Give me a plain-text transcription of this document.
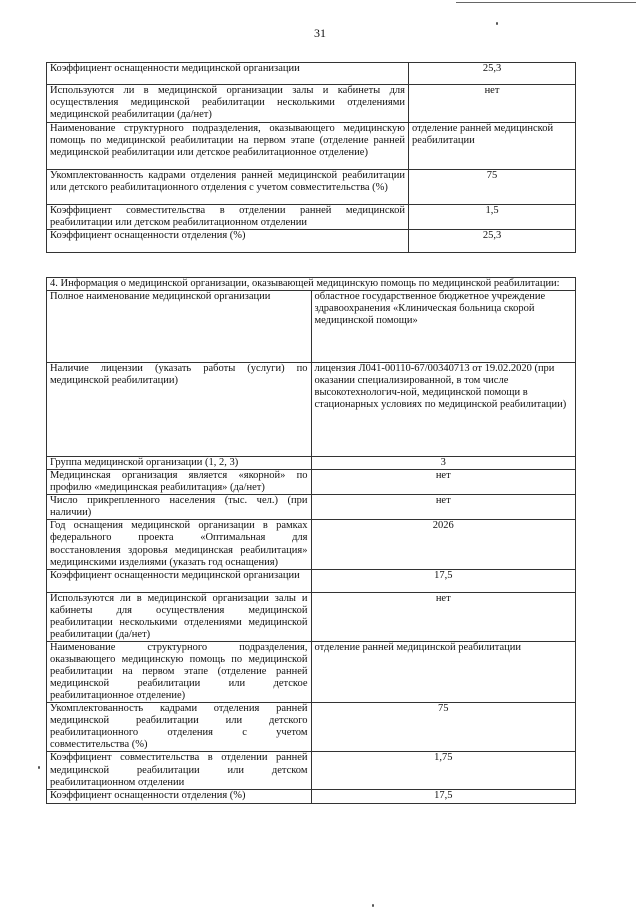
31
Коэффициент оснащенности медицинской организации	25,3
Используются ли в медицинской организации залы и кабинеты для осуществления медицинской реабилитации несколькими отделениями медицинской реабилитации (да/нет)	нет
Наименование структурного подразделения, оказывающего медицинскую помощь по медицинской реабилитации на первом этапе (отделение ранней медицинской реабилитации или детское реабилитационное отделение)	отделение ранней медицинской реабилитации
Укомплектованность кадрами отделения ранней медицинской реабилитации или детского реабилитационного отделения с учетом совместительства (%)	75
Коэффициент совместительства в отделении ранней медицинской реабилитации или детском реабилитационном отделении	1,5
Коэффициент оснащенности отделения (%)	25,3
4. Информация о медицинской организации, оказывающей медицинскую помощь по медицинской реабилитации:	
Полное наименование медицинской организации	областное государственное бюджетное учреждение здравоохранения «Клиническая больница скорой медицинской помощи»
Наличие лицензии (указать работы (услуги) по медицинской реабилитации)	лицензия Л041-00110-67/00340713 от 19.02.2020 (при оказании специализированной, в том числе высокотехнологич-ной, медицинской помощи в стационарных условиях по медицинской реабилитации)
Группа медицинской организации (1, 2, 3)	3
Медицинская организация является «якорной» по профилю «медицинская реабилитация» (да/нет)	нет
Число прикрепленного населения (тыс. чел.) (при наличии)	нет
Год оснащения медицинской организации в рамках федерального проекта «Оптимальная для восстановления здоровья медицинская реабилитация» медицинскими изделиями (указать год оснащения)	2026
Коэффициент оснащенности медицинской организации	17,5
Используются ли в медицинской организации залы и кабинеты для осуществления медицинской реабилитации несколькими отделениями медицинской реабилитации (да/нет)	нет
Наименование структурного подразделения, оказывающего медицинскую помощь по медицинской реабилитации на первом этапе (отделение ранней медицинской реабилитации или детское реабилитационное отделение)	отделение ранней медицинской реабилитации
Укомплектованность кадрами отделения ранней медицинской реабилитации или детского реабилитационного отделения с учетом совместительства (%)	75
Коэффициент совместительства в отделении ранней медицинской реабилитации или детском реабилитационном отделении	1,75
Коэффициент оснащенности отделения (%)	17,5
